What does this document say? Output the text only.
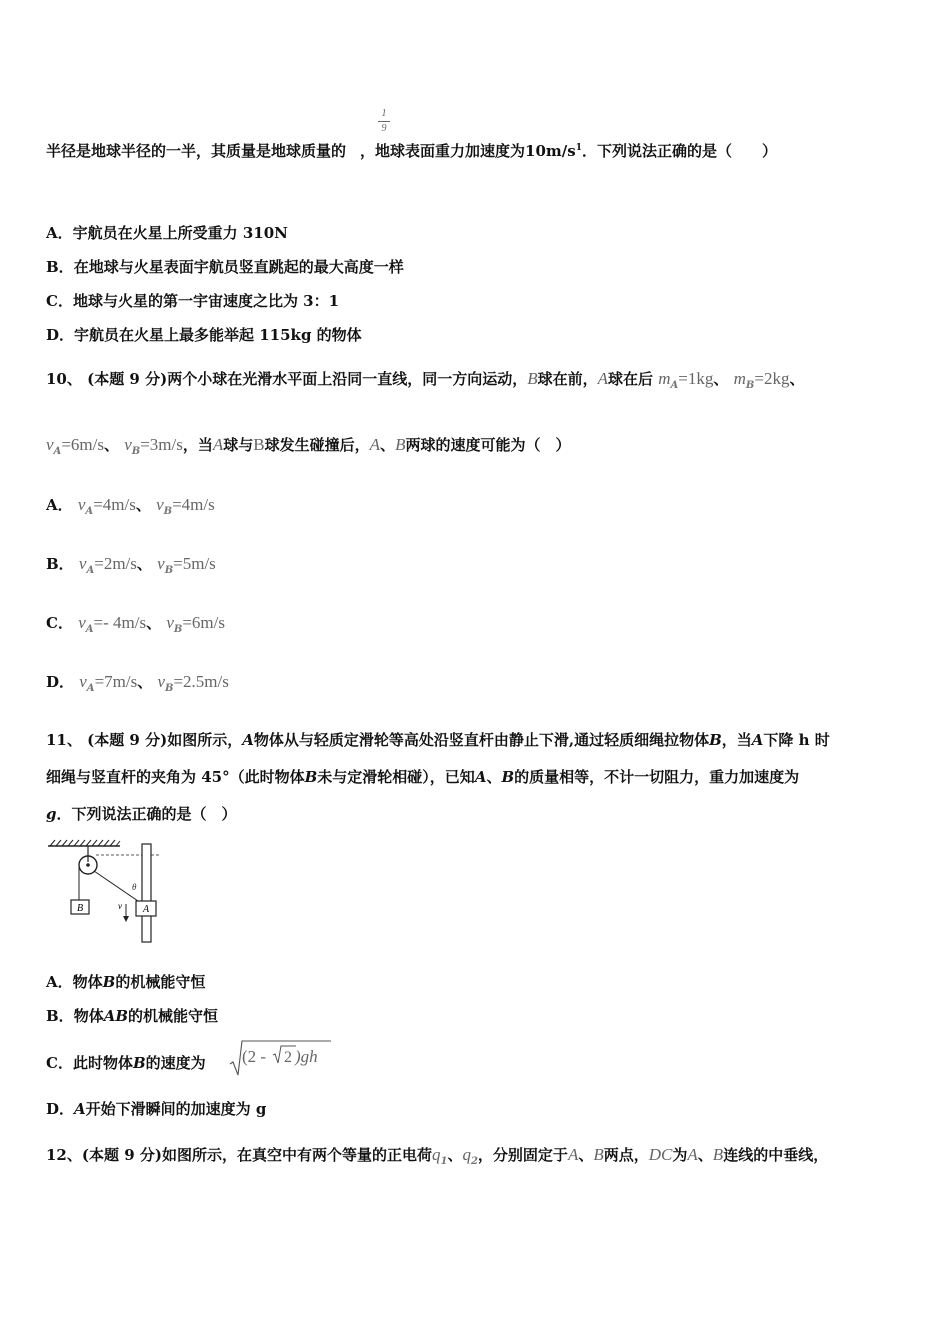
1
9
半径是地球半径的一半，其质量是地球质量的 ，地球表面重力加速度为$10m/s^1$．下列说法正确的是（　　）
A．宇航员在火星上所受重力 310N
B．在地球与火星表面宇航员竖直跳起的最大高度一样
C．地球与火星的第一宇宙速度之比为 3：1
D．宇航员在火星上最多能举起 115kg 的物体
10、 (本题 9 分)两个小球在光滑水平面上沿同一直线，同一方向运动，B球在前，A球在后 $m_A=1kg$、 $m_B=2kg$、
$v_A=6m/s$、 $v_B=3m/s$，当A球与B球发生碰撞后，A、B两球的速度可能为（　）
A． $v_A=4m/s$、 $v_B=4m/s$
B． $v_A=2m/s$、 $v_B=5m/s$
C． $v_A=-$ 4m/s、 $v_B=6m/s$
D． $v_A=7m/s$、 $v_B=2.5m/s$
11、 (本题 9 分)如图所示，A物体从与轻质定滑轮等高处沿竖直杆由静止下滑,通过轻质细绳拉物体B，当A下降 h 时
细绳与竖直杆的夹角为 45°（此时物体B未与定滑轮相碰），已知A、B的质量相等，不计一切阻力，重力加速度为
g．下列说法正确的是（　）
B	A
θ
v
A．物体B的机械能守恒
B．物体AB的机械能守恒
C．此时物体B的速度为 (2 - 2 )gh
D．A开始下滑瞬间的加速度为 g
12、(本题 9 分)如图所示，在真空中有两个等量的正电荷$q_1$、$q_2$，分别固定于A、B两点，DC为A、B连线的中垂线，
